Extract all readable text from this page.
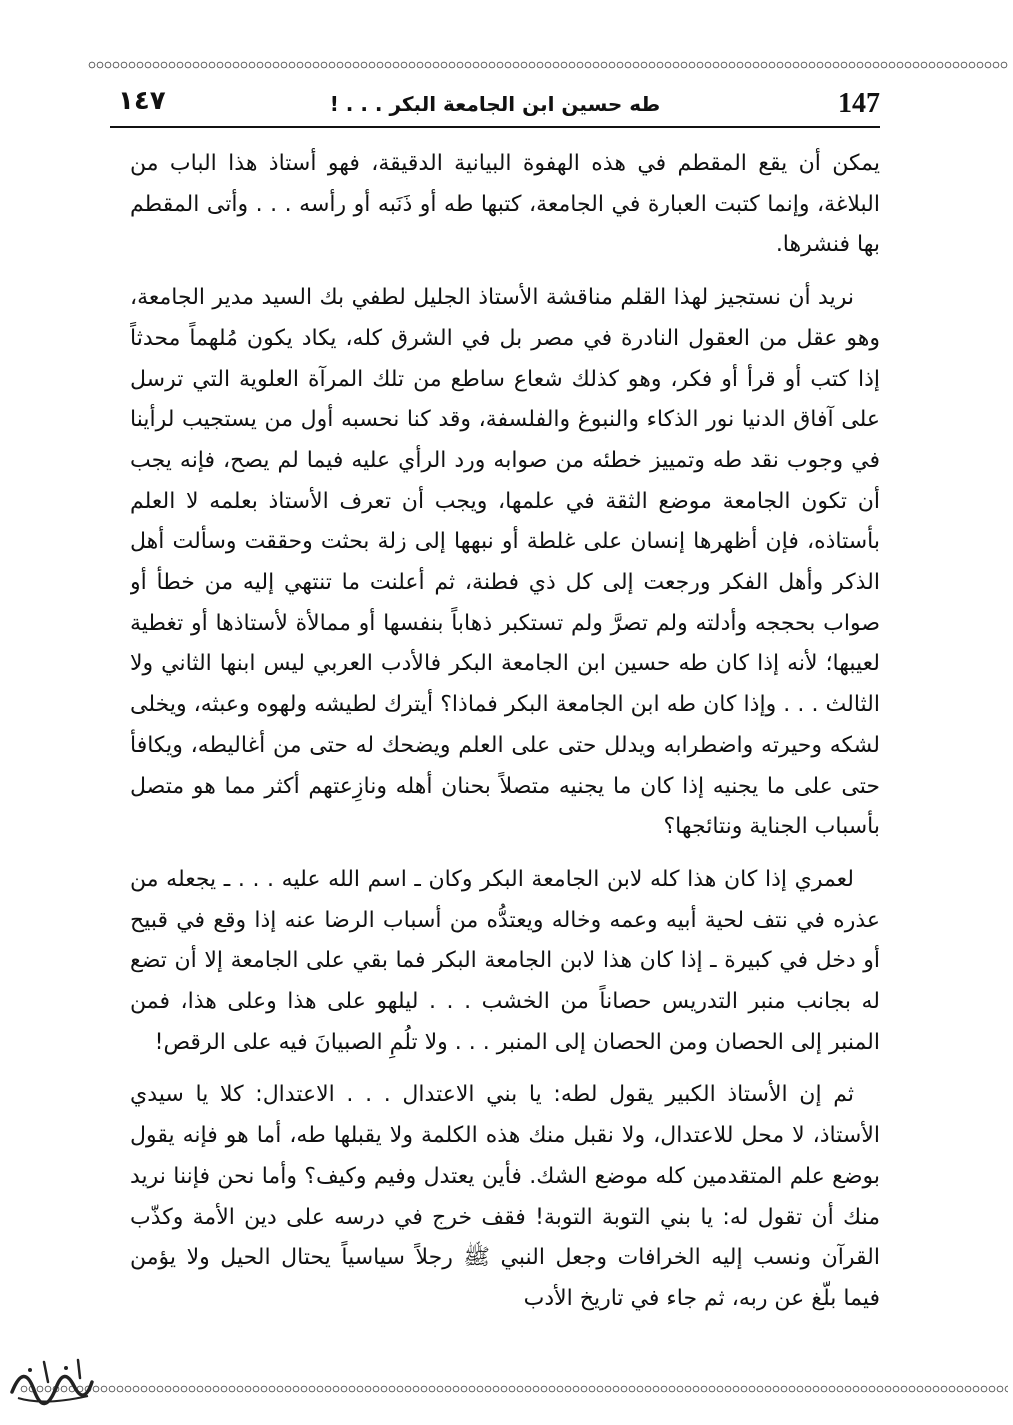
147
طه حسين ابن الجامعة البكر . . . !
١٤٧

يمكن أن يقع المقطم في هذه الهفوة البيانية الدقيقة، فهو أستاذ هذا الباب من البلاغة، وإنما كتبت العبارة في الجامعة، كتبها طه أو ذَنَبه أو رأسه . . . وأتى المقطم بها فنشرها.

نريد أن نستجيز لهذا القلم مناقشة الأستاذ الجليل لطفي بك السيد مدير الجامعة، وهو عقل من العقول النادرة في مصر بل في الشرق كله، يكاد يكون مُلهماً محدثاً إذا كتب أو قرأ أو فكر، وهو كذلك شعاع ساطع من تلك المرآة العلوية التي ترسل على آفاق الدنيا نور الذكاء والنبوغ والفلسفة، وقد كنا نحسبه أول من يستجيب لرأينا في وجوب نقد طه وتمييز خطئه من صوابه ورد الرأي عليه فيما لم يصح، فإنه يجب أن تكون الجامعة موضع الثقة في علمها، ويجب أن تعرف الأستاذ بعلمه لا العلم بأستاذه، فإن أظهرها إنسان على غلطة أو نبهها إلى زلة بحثت وحققت وسألت أهل الذكر وأهل الفكر ورجعت إلى كل ذي فطنة، ثم أعلنت ما تنتهي إليه من خطأ أو صواب بحججه وأدلته ولم تصرَّ ولم تستكبر ذهاباً بنفسها أو ممالأة لأستاذها أو تغطية لعيبها؛ لأنه إذا كان طه حسين ابن الجامعة البكر فالأدب العربي ليس ابنها الثاني ولا الثالث . . . وإذا كان طه ابن الجامعة البكر فماذا؟ أيترك لطيشه ولهوه وعبثه، ويخلى لشكه وحيرته واضطرابه ويدلل حتى على العلم ويضحك له حتى من أغاليطه، ويكافأ حتى على ما يجنيه إذا كان ما يجنيه متصلاً بحنان أهله ونازِعتهم أكثر مما هو متصل بأسباب الجناية ونتائجها؟

لعمري إذا كان هذا كله لابن الجامعة البكر وكان ـ اسم الله عليه . . . ـ يجعله من عذره في نتف لحية أبيه وعمه وخاله ويعتدُّه من أسباب الرضا عنه إذا وقع في قبيح أو دخل في كبيرة ـ إذا كان هذا لابن الجامعة البكر فما بقي على الجامعة إلا أن تضع له بجانب منبر التدريس حصاناً من الخشب . . . ليلهو على هذا وعلى هذا، فمن المنبر إلى الحصان ومن الحصان إلى المنبر . . . ولا تلُمِ الصبيانَ فيه على الرقص!

ثم إن الأستاذ الكبير يقول لطه: يا بني الاعتدال . . . الاعتدال: كلا يا سيدي الأستاذ، لا محل للاعتدال، ولا نقبل منك هذه الكلمة ولا يقبلها طه، أما هو فإنه يقول بوضع علم المتقدمين كله موضع الشك. فأين يعتدل وفيم وكيف؟ وأما نحن فإننا نريد منك أن تقول له: يا بني التوبة التوبة! فقف خرج في درسه على دين الأمة وكذّب القرآن ونسب إليه الخرافات وجعل النبي ﷺ رجلاً سياسياً يحتال الحيل ولا يؤمن فيما بلّغ عن ربه، ثم جاء في تاريخ الأدب
